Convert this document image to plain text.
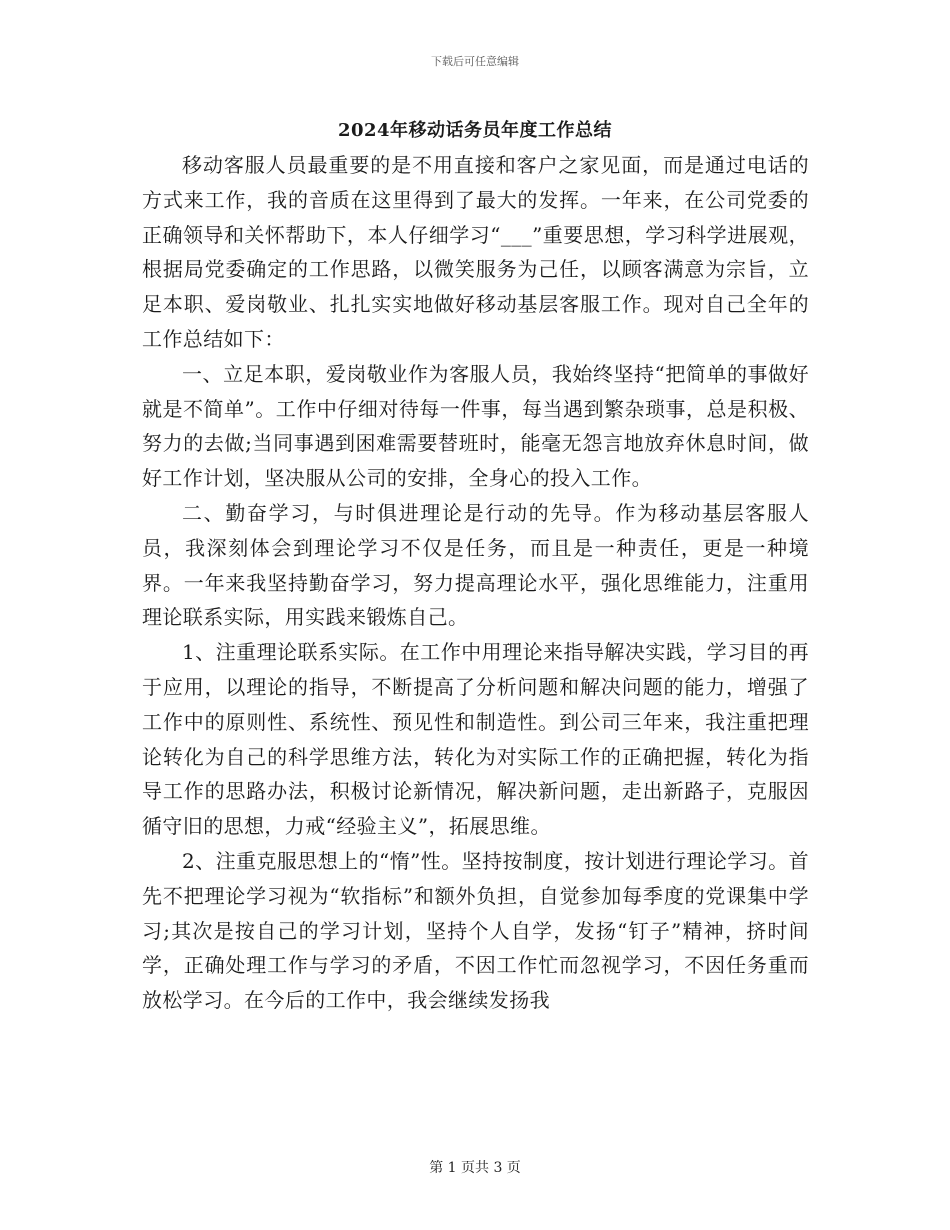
下载后可任意编辑
2024年移动话务员年度工作总结

移动客服人员最重要的是不用直接和客户之家见面，而是通过电话的方式来工作，我的音质在这里得到了最大的发挥。一年来，在公司党委的正确领导和关怀帮助下，本人仔细学习“___”重要思想，学习科学进展观，根据局党委确定的工作思路，以微笑服务为己任，以顾客满意为宗旨，立足本职、爱岗敬业、扎扎实实地做好移动基层客服工作。现对自己全年的工作总结如下：

一、立足本职，爱岗敬业作为客服人员，我始终坚持“把简单的事做好就是不简单”。工作中仔细对待每一件事，每当遇到繁杂琐事，总是积极、努力的去做;当同事遇到困难需要替班时，能毫无怨言地放弃休息时间，做好工作计划，坚决服从公司的安排，全身心的投入工作。

二、勤奋学习，与时俱进理论是行动的先导。作为移动基层客服人员，我深刻体会到理论学习不仅是任务，而且是一种责任，更是一种境界。一年来我坚持勤奋学习，努力提高理论水平，强化思维能力，注重用理论联系实际，用实践来锻炼自己。

1、注重理论联系实际。在工作中用理论来指导解决实践，学习目的再于应用，以理论的指导，不断提高了分析问题和解决问题的能力，增强了工作中的原则性、系统性、预见性和制造性。到公司三年来，我注重把理论转化为自己的科学思维方法，转化为对实际工作的正确把握，转化为指导工作的思路办法，积极讨论新情况，解决新问题，走出新路子，克服因循守旧的思想，力戒“经验主义”，拓展思维。

2、注重克服思想上的“惰”性。坚持按制度，按计划进行理论学习。首先不把理论学习视为“软指标”和额外负担，自觉参加每季度的党课集中学习;其次是按自己的学习计划，坚持个人自学，发扬“钉子”精神，挤时间学，正确处理工作与学习的矛盾，不因工作忙而忽视学习，不因任务重而放松学习。在今后的工作中，我会继续发扬我

第 1 页共 3 页
